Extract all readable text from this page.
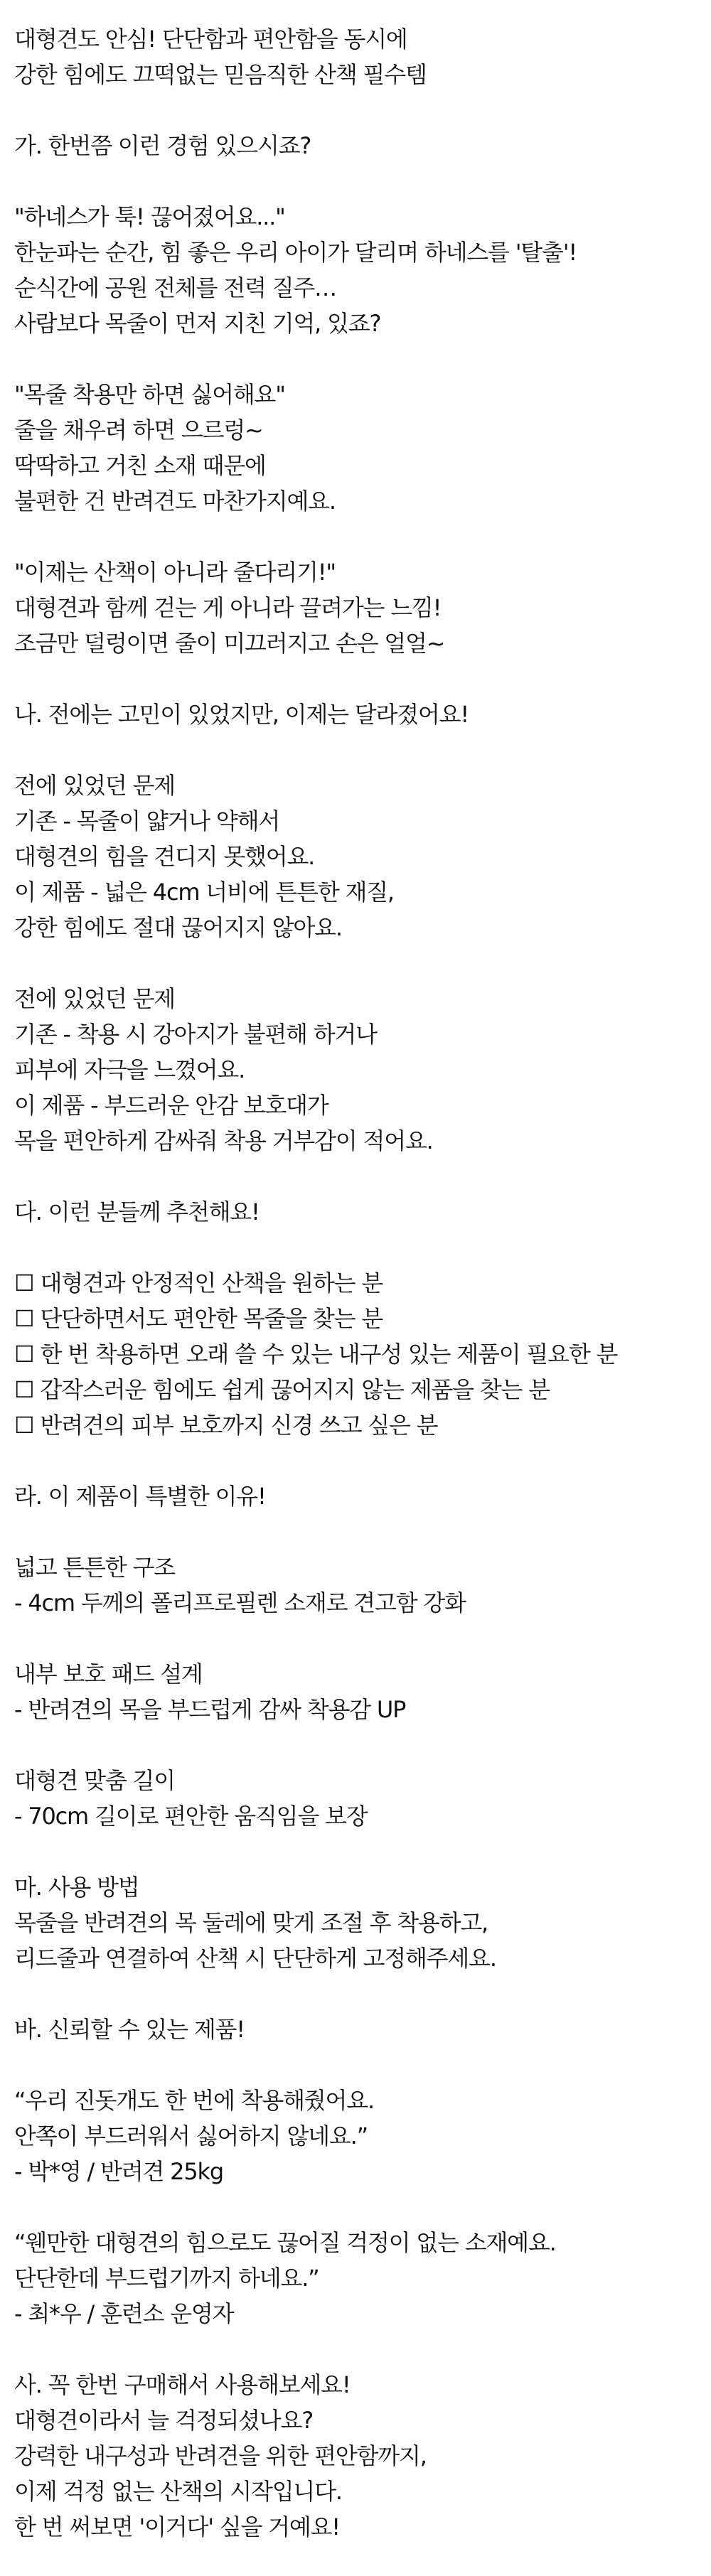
대형견도 안심! 단단함과 편안함을 동시에
강한 힘에도 끄떡없는 믿음직한 산책 필수템
가. 한번쯤 이런 경험 있으시죠?
"하네스가 툭! 끊어졌어요..."
한눈파는 순간, 힘 좋은 우리 아이가 달리며 하네스를 '탈출'!
순식간에 공원 전체를 전력 질주…
사람보다 목줄이 먼저 지친 기억, 있죠?
"목줄 착용만 하면 싫어해요"
줄을 채우려 하면 으르렁~
딱딱하고 거친 소재 때문에
불편한 건 반려견도 마찬가지예요.
"이제는 산책이 아니라 줄다리기!"
대형견과 함께 걷는 게 아니라 끌려가는 느낌!
조금만 덜렁이면 줄이 미끄러지고 손은 얼얼~
나. 전에는 고민이 있었지만, 이제는 달라졌어요!
전에 있었던 문제
기존 - 목줄이 얇거나 약해서
대형견의 힘을 견디지 못했어요.
이 제품 - 넓은 4cm 너비에 튼튼한 재질,
강한 힘에도 절대 끊어지지 않아요.
전에 있었던 문제
기존 - 착용 시 강아지가 불편해 하거나
피부에 자극을 느꼈어요.
이 제품 - 부드러운 안감 보호대가
목을 편안하게 감싸줘 착용 거부감이 적어요.
다. 이런 분들께 추천해요!
☐ 대형견과 안정적인 산책을 원하는 분
☐ 단단하면서도 편안한 목줄을 찾는 분
☐ 한 번 착용하면 오래 쓸 수 있는 내구성 있는 제품이 필요한 분
☐ 갑작스러운 힘에도 쉽게 끊어지지 않는 제품을 찾는 분
☐ 반려견의 피부 보호까지 신경 쓰고 싶은 분
라. 이 제품이 특별한 이유!
넓고 튼튼한 구조
- 4cm 두께의 폴리프로필렌 소재로 견고함 강화
내부 보호 패드 설계
- 반려견의 목을 부드럽게 감싸 착용감 UP
대형견 맞춤 길이
- 70cm 길이로 편안한 움직임을 보장
마. 사용 방법
목줄을 반려견의 목 둘레에 맞게 조절 후 착용하고,
리드줄과 연결하여 산책 시 단단하게 고정해주세요.
바. 신뢰할 수 있는 제품!
“우리 진돗개도 한 번에 착용해줬어요.
안쪽이 부드러워서 싫어하지 않네요.”
- 박*영 / 반려견 25kg
“웬만한 대형견의 힘으로도 끊어질 걱정이 없는 소재예요.
단단한데 부드럽기까지 하네요.”
- 최*우 / 훈련소 운영자
사. 꼭 한번 구매해서 사용해보세요!
대형견이라서 늘 걱정되셨나요?
강력한 내구성과 반려견을 위한 편안함까지,
이제 걱정 없는 산책의 시작입니다.
한 번 써보면 '이거다' 싶을 거예요!
